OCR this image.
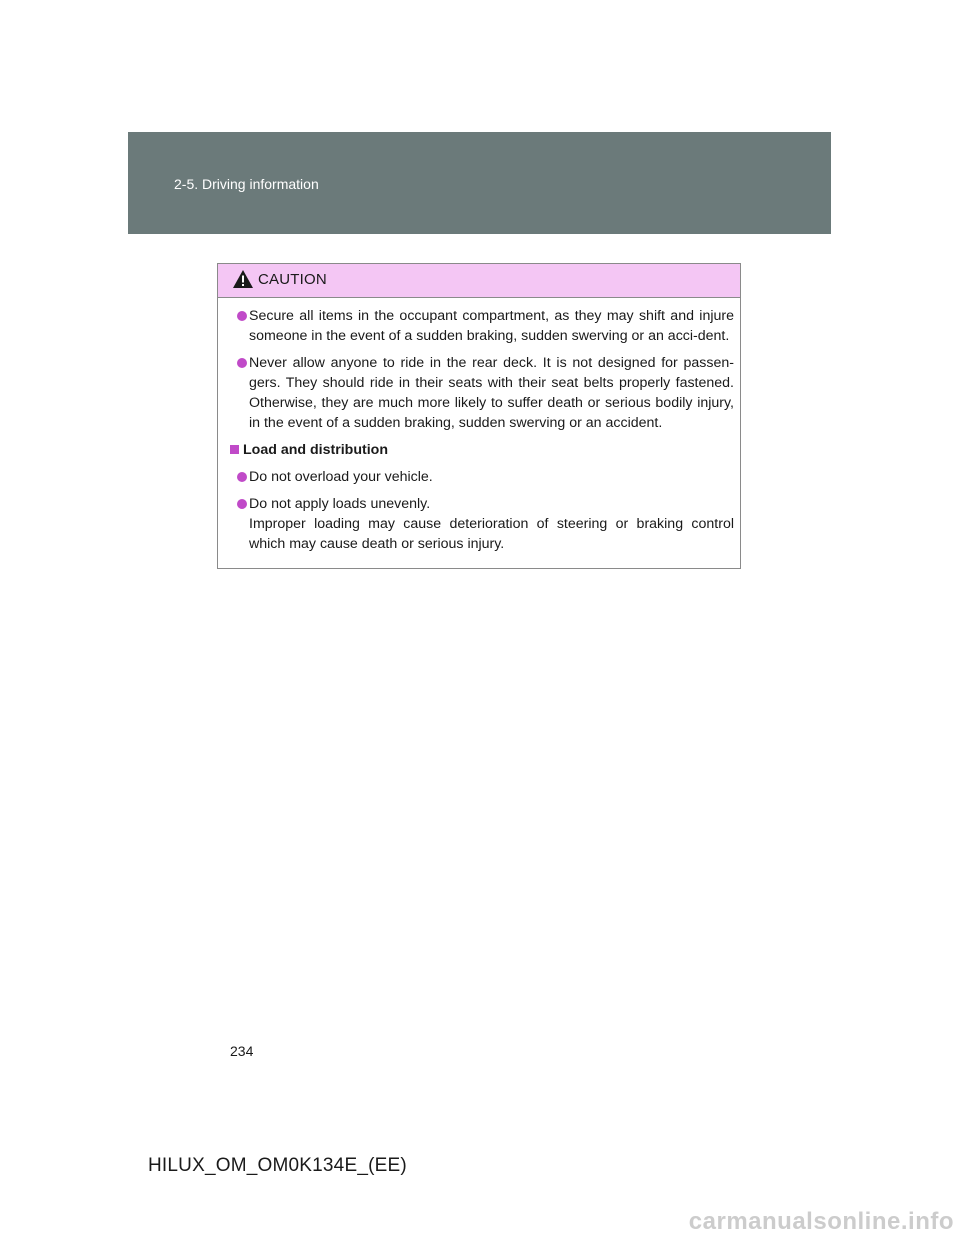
2-5. Driving information
CAUTION
Secure all items in the occupant compartment, as they may shift and injure someone in the event of a sudden braking, sudden swerving or an acci-dent.
Never allow anyone to ride in the rear deck. It is not designed for passen-gers. They should ride in their seats with their seat belts properly fastened. Otherwise, they are much more likely to suffer death or serious bodily injury, in the event of a sudden braking, sudden swerving or an accident.
Load and distribution
Do not overload your vehicle.
Do not apply loads unevenly.
Improper loading may cause deterioration of steering or braking control which may cause death or serious injury.
234
HILUX_OM_OM0K134E_(EE)
carmanualsonline.info
